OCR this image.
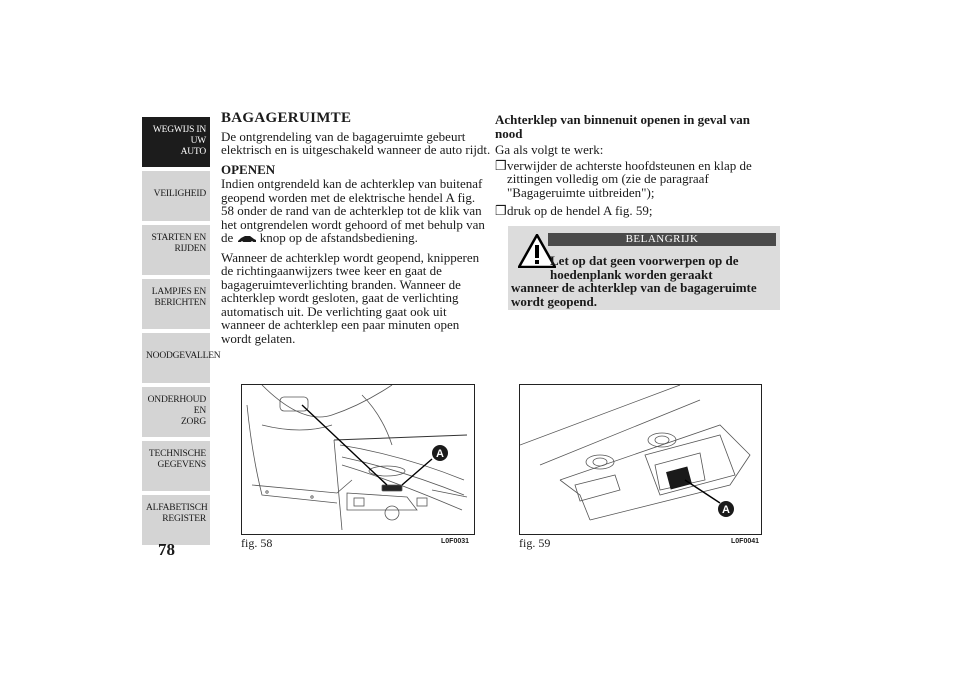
WEGWIJS IN UW
AUTO
VEILIGHEID
STARTEN EN
RIJDEN
LAMPJES EN
BERICHTEN
NOODGEVALLEN
ONDERHOUD EN
ZORG
TECHNISCHE
GEGEVENS
ALFABETISCH
REGISTER
78
BAGAGERUIMTE

De ontgrendeling van de bagageruimte gebeurt elektrisch en is uitgeschakeld wanneer de auto rijdt.

OPENEN

Indien ontgrendeld kan de achterklep van buitenaf geopend worden met de elektrische hendel A fig. 58 onder de rand van de achterklep tot de klik van het ontgrendelen wordt gehoord of met behulp van de knop op de afstandsbediening.

Wanneer de achterklep wordt geopend, knipperen de richtingaanwijzers twee keer en gaat de bagageruimteverlichting branden. Wanneer de achterklep wordt gesloten, gaat de verlichting automatisch uit. De verlichting gaat ook uit wanneer de achterklep een paar minuten open wordt gelaten.

Achterklep van binnenuit openen in geval van nood

Ga als volgt te werk:

❒ verwijder de achterste hoofdsteunen en klap de zittingen volledig om (zie de paragraaf "Bagageruimte uitbreiden");
❒ druk op de hendel A fig. 59;
BELANGRIJK
Let op dat geen voorwerpen op de
hoedenplank worden geraakt
wanneer de achterklep van de bagageruimte wordt geopend.
A
fig. 58	L0F0031
A
fig. 59	L0F0041
